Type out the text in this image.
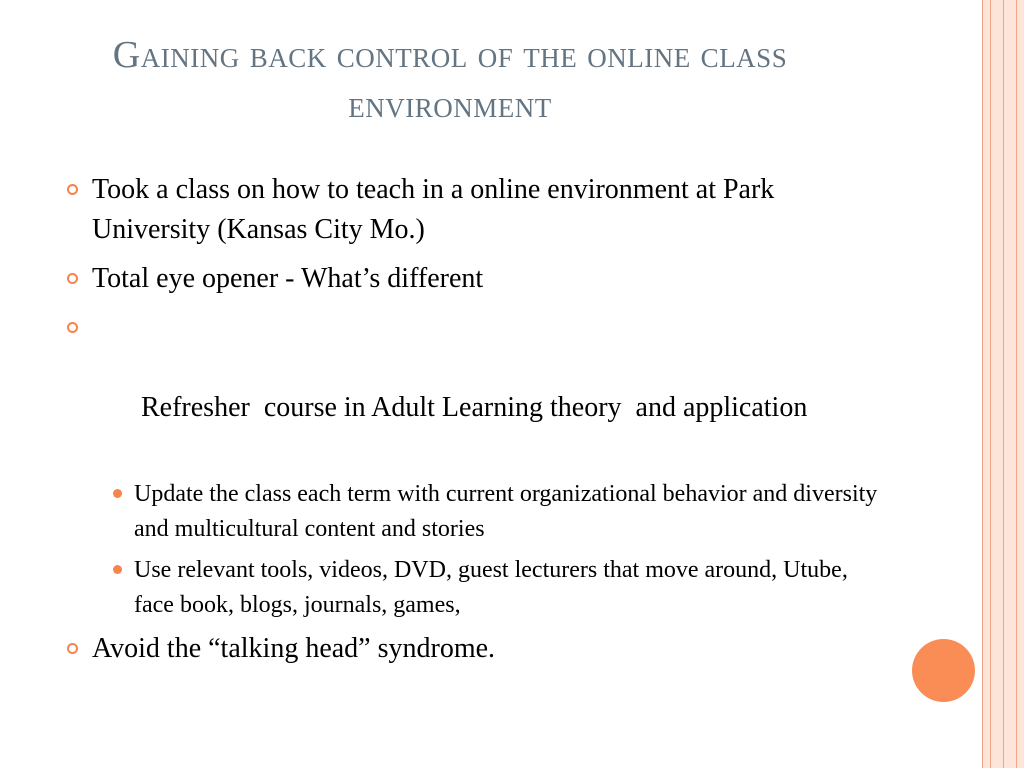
Gaining back control of the online class environment
Took a class on how to teach in a online environment at Park University (Kansas City Mo.)
Total eye opener - What’s different

Refresher  course in Adult Learning theory  and application

Update the class each term with current organizational behavior and diversity and multicultural content and stories
Use relevant tools, videos, DVD, guest lecturers that move around, Utube, face book, blogs, journals, games,
Avoid the “talking head” syndrome.
